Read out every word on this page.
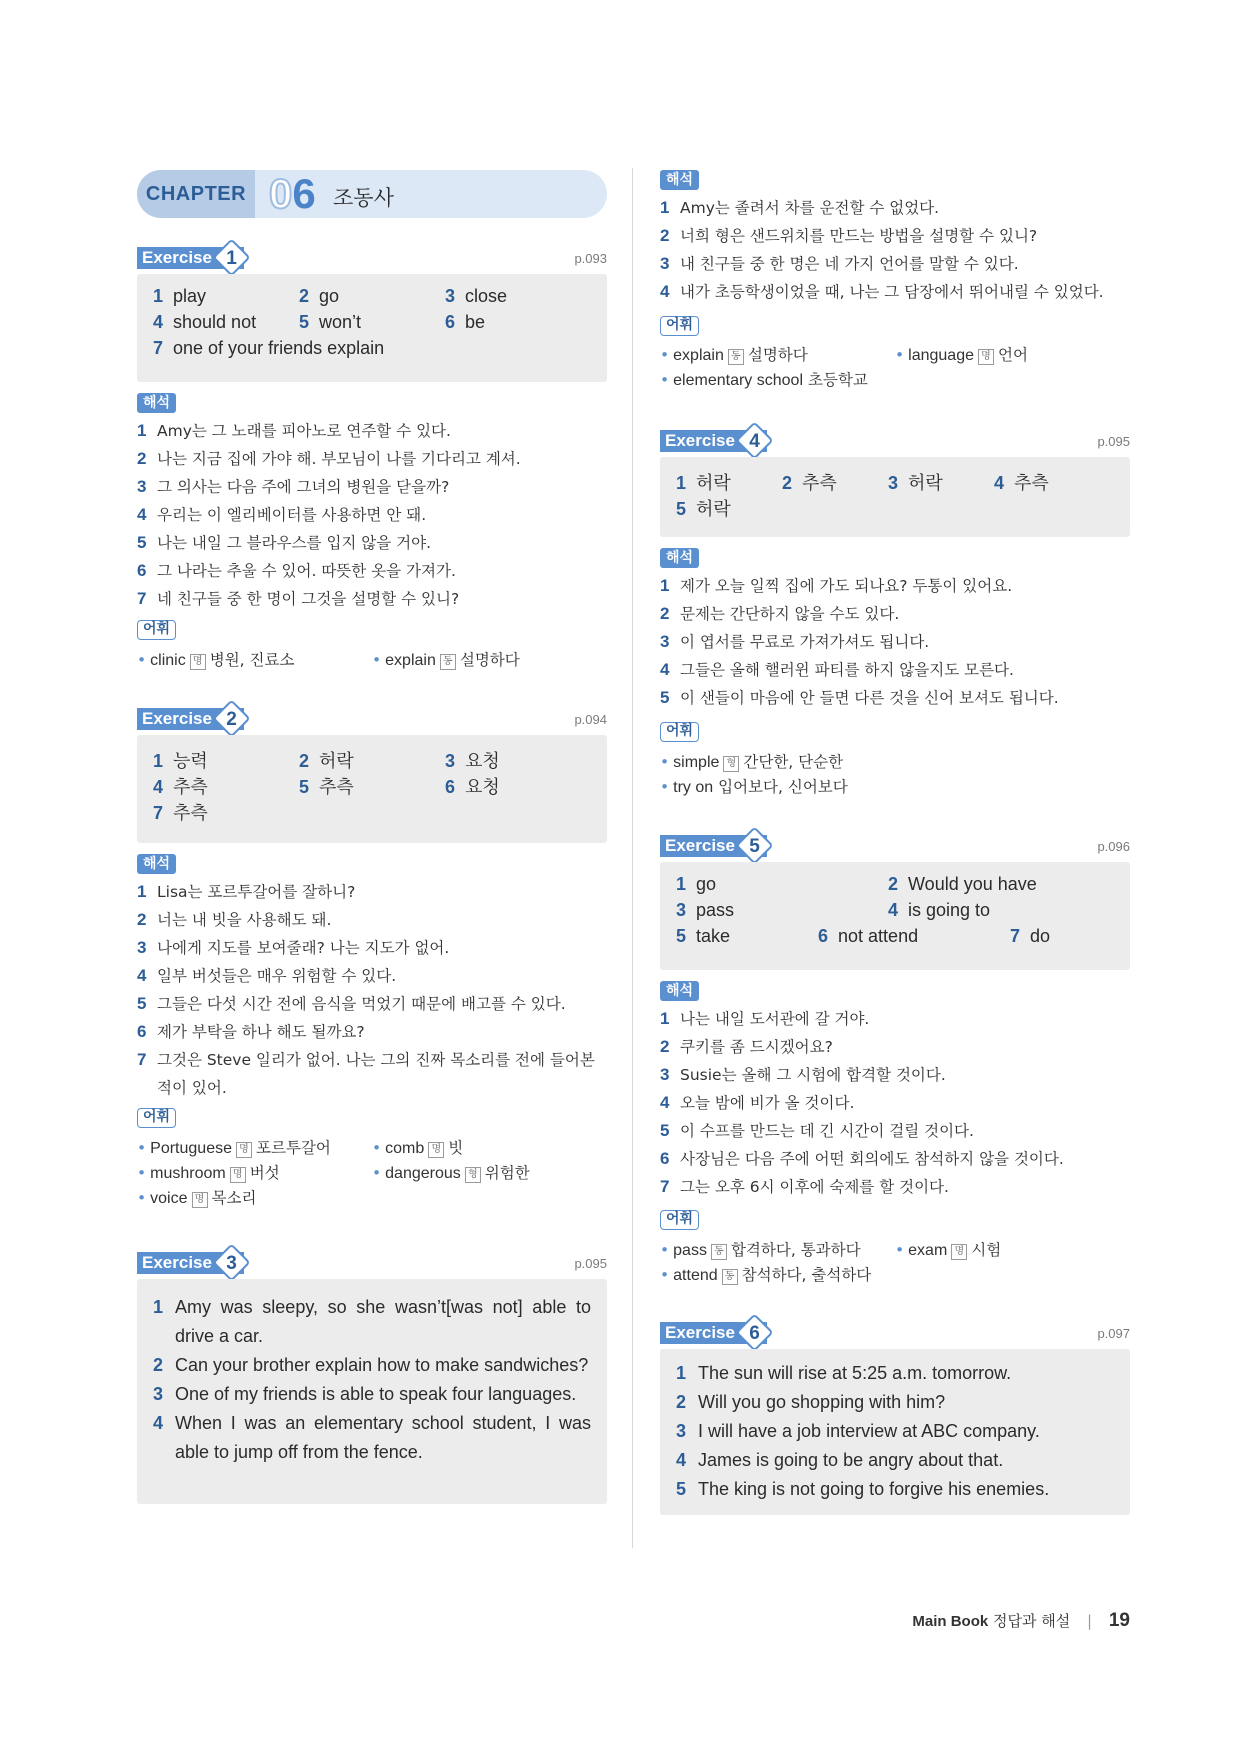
CHAPTER 06 조동사
Exercise 1	p.093
1 play	2 go	3 close
4 should not 5 won’t	6 be
7 one of your friends explain
해석
1 Amy는 그 노래를 피아노로 연주할 수 있다.
2 나는 지금 집에 가야 해. 부모님이 나를 기다리고 계셔.
3 그 의사는 다음 주에 그녀의 병원을 닫을까?
4 우리는 이 엘리베이터를 사용하면 안 돼.
5 나는 내일 그 블라우스를 입지 않을 거야.
6 그 나라는 추울 수 있어. 따뜻한 옷을 가져가.
7 네 친구들 중 한 명이 그것을 설명할 수 있니?
어휘
• clinic 명 병원, 진료소	• explain 동 설명하다
Exercise 2	p.094
1 능력	2 허락	3 요청
4 추측	5 추측	6 요청
7 추측
해석
1 Lisa는 포르투갈어를 잘하니?
2 너는 내 빗을 사용해도 돼.
3 나에게 지도를 보여줄래? 나는 지도가 없어.
4 일부 버섯들은 매우 위험할 수 있다.
5 그들은 다섯 시간 전에 음식을 먹었기 때문에 배고플 수 있다.
6 제가 부탁을 하나 해도 될까요?
7 그것은 Steve 일리가 없어. 나는 그의 진짜 목소리를 전에 들어본 적이 있어.
어휘
• Portuguese 명 포르투갈어	• comb 명 빗
• mushroom 명 버섯	• dangerous 형 위험한
• voice 명 목소리
Exercise 3	p.095
1 Amy was sleepy, so she wasn’t[was not] able to drive a car.
2 Can your brother explain how to make sandwiches?
3 One of my friends is able to speak four languages.
4 When I was an elementary school student, I was able to jump off from the fence.
해석
1 Amy는 졸려서 차를 운전할 수 없었다.
2 너희 형은 샌드위치를 만드는 방법을 설명할 수 있니?
3 내 친구들 중 한 명은 네 가지 언어를 말할 수 있다.
4 내가 초등학생이었을 때, 나는 그 담장에서 뛰어내릴 수 있었다.
어휘
• explain 동 설명하다	• language 명 언어
• elementary school 초등학교
Exercise 4	p.095
1 허락	2 추측	3 허락	4 추측
5 허락
해석
1 제가 오늘 일찍 집에 가도 되나요? 두통이 있어요.
2 문제는 간단하지 않을 수도 있다.
3 이 엽서를 무료로 가져가셔도 됩니다.
4 그들은 올해 핼러윈 파티를 하지 않을지도 모른다.
5 이 샌들이 마음에 안 들면 다른 것을 신어 보셔도 됩니다.
어휘
• simple 형 간단한, 단순한
• try on 입어보다, 신어보다
Exercise 5	p.096
1 go	2 Would you have
3 pass	4 is going to
5 take	6 not attend	7 do
해석
1 나는 내일 도서관에 갈 거야.
2 쿠키를 좀 드시겠어요?
3 Susie는 올해 그 시험에 합격할 것이다.
4 오늘 밤에 비가 올 것이다.
5 이 수프를 만드는 데 긴 시간이 걸릴 것이다.
6 사장님은 다음 주에 어떤 회의에도 참석하지 않을 것이다.
7 그는 오후 6시 이후에 숙제를 할 것이다.
어휘
• pass 동 합격하다, 통과하다 • exam 명 시험
• attend 동 참석하다, 출석하다
Exercise 6	p.097
1 The sun will rise at 5:25 a.m. tomorrow.
2 Will you go shopping with him?
3 I will have a job interview at ABC company.
4 James is going to be angry about that.
5 The king is not going to forgive his enemies.
Main Book 정답과 해설 | 19
